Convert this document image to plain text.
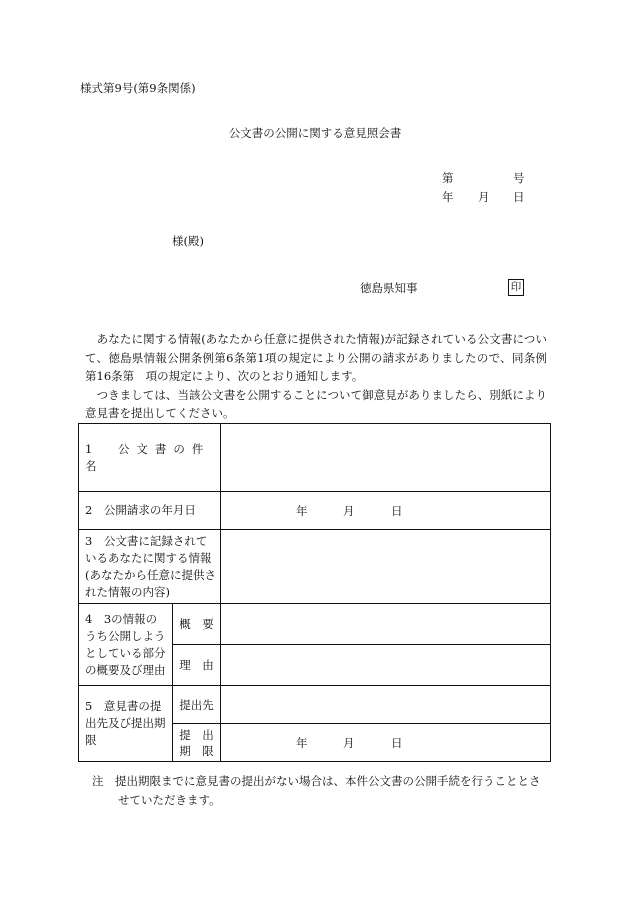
様式第9号(第9条関係)
公文書の公開に関する意見照会書
第	号
年 月 日
様(殿)
徳島県知事	印

　あなたに関する情報(あなたから任意に提供された情報)が記録されている公文書について、徳島県情報公開条例第6条第1項の規定により公開の請求がありましたので、同条例第16条第　項の規定により、次のとおり通知します。

　つきましては、当該公文書を公開することについて御意見がありましたら、別紙により意見書を提出してください。

1　公文書の件名		
2　公開請求の年月日		年 月 日

3　公文書に記録されているあなたに関する情報(あなたから任意に提供された情報の内容)		
4　3の情報のうち公開しようとしている部分の概要及び理由	概　要	
	理　由	
5　意見書の提出先及び提出期限	提出先	
	提　出 期　限	年 月 日
注　提出期限までに意見書の提出がない場合は、本件公文書の公開手続を行うこととさ
せていただきます。
